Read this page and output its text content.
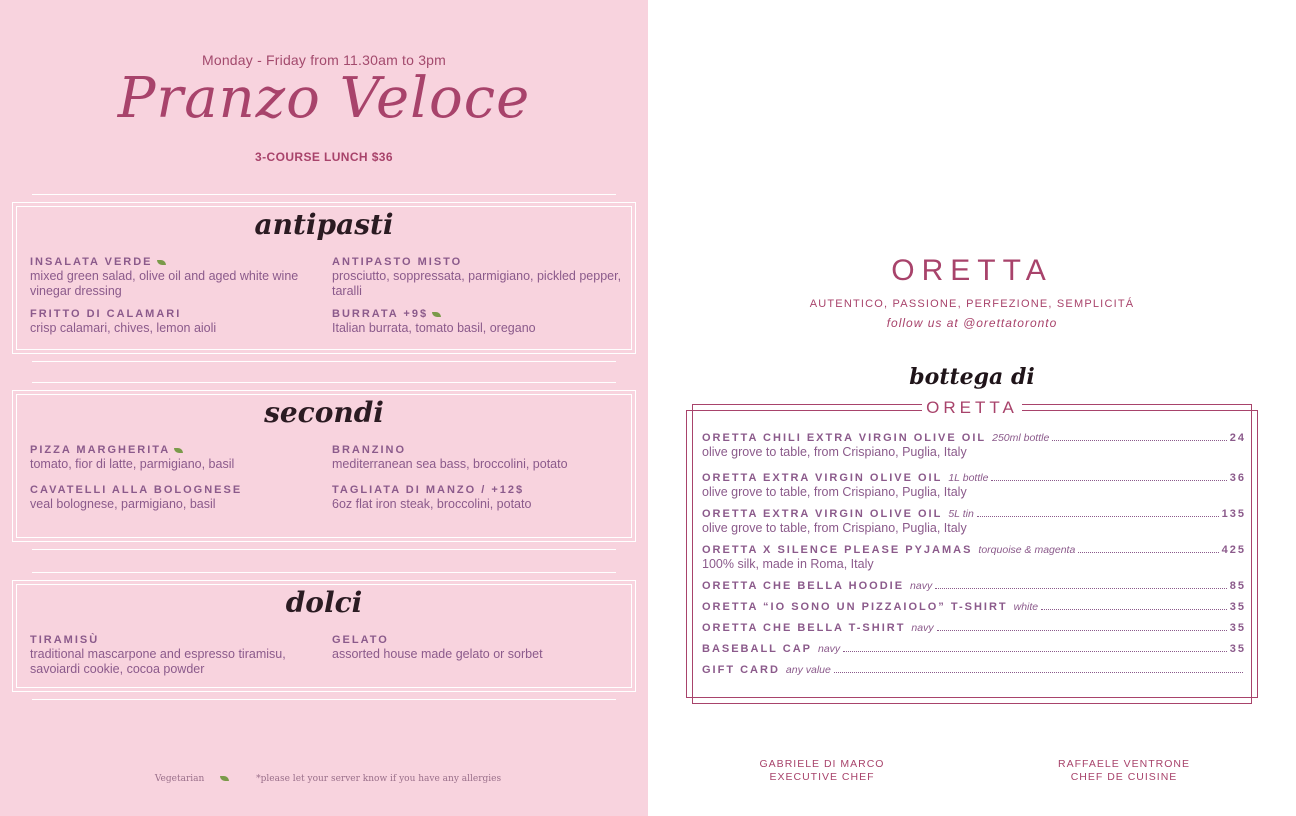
Monday - Friday from 11.30am to 3pm
Pranzo Veloce
3-COURSE LUNCH $36
antipasti
INSALATA VERDE
mixed green salad, olive oil and aged white wine vinegar dressing
ANTIPASTO MISTO
prosciutto, soppressata, parmigiano, pickled pepper, taralli
FRITTO DI CALAMARI
crisp calamari, chives, lemon aioli
BURRATA +9$
Italian burrata, tomato basil, oregano
secondi
PIZZA MARGHERITA
tomato, fior di latte, parmigiano, basil
BRANZINO
mediterranean sea bass, broccolini, potato
CAVATELLI ALLA BOLOGNESE
veal bolognese, parmigiano, basil
TAGLIATA DI MANZO / +12$
6oz flat iron steak, broccolini, potato
dolci
TIRAMISÙ
traditional mascarpone and espresso tiramisu, savoiardi cookie, cocoa powder
GELATO
assorted house made gelato or sorbet
Vegetarian	*please let your server know if you have any allergies
ORETTA
AUTENTICO, PASSIONE, PERFEZIONE, SEMPLICITÁ
follow us at @orettatoronto
bottega di
ORETTA
ORETTA CHILI EXTRA VIRGIN OLIVE OIL 250ml bottle	24
olive grove to table, from Crispiano, Puglia, Italy
ORETTA EXTRA VIRGIN OLIVE OIL 1L bottle	36
olive grove to table, from Crispiano, Puglia, Italy
ORETTA EXTRA VIRGIN OLIVE OIL 5L tin	135
olive grove to table, from Crispiano, Puglia, Italy
ORETTA X SILENCE PLEASE PYJAMAS torquoise & magenta	425
100% silk, made in Roma, Italy
ORETTA CHE BELLA HOODIE navy	85
ORETTA “IO SONO UN PIZZAIOLO” T-SHIRT white	35
ORETTA CHE BELLA T-SHIRT navy	35
BASEBALL CAP navy	35
GIFT CARD any value
GABRIELE DI MARCO
EXECUTIVE CHEF
RAFFAELE VENTRONE
CHEF DE CUISINE
